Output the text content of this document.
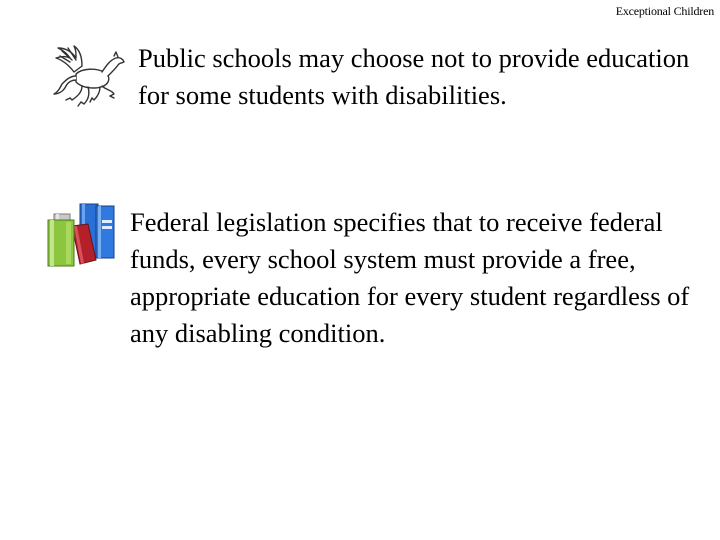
Exceptional Children

Public schools may choose not to provide education for some students with disabilities.

Federal legislation specifies that to receive federal funds, every school system must provide a free, appropriate education for every student regardless of any disabling condition.
